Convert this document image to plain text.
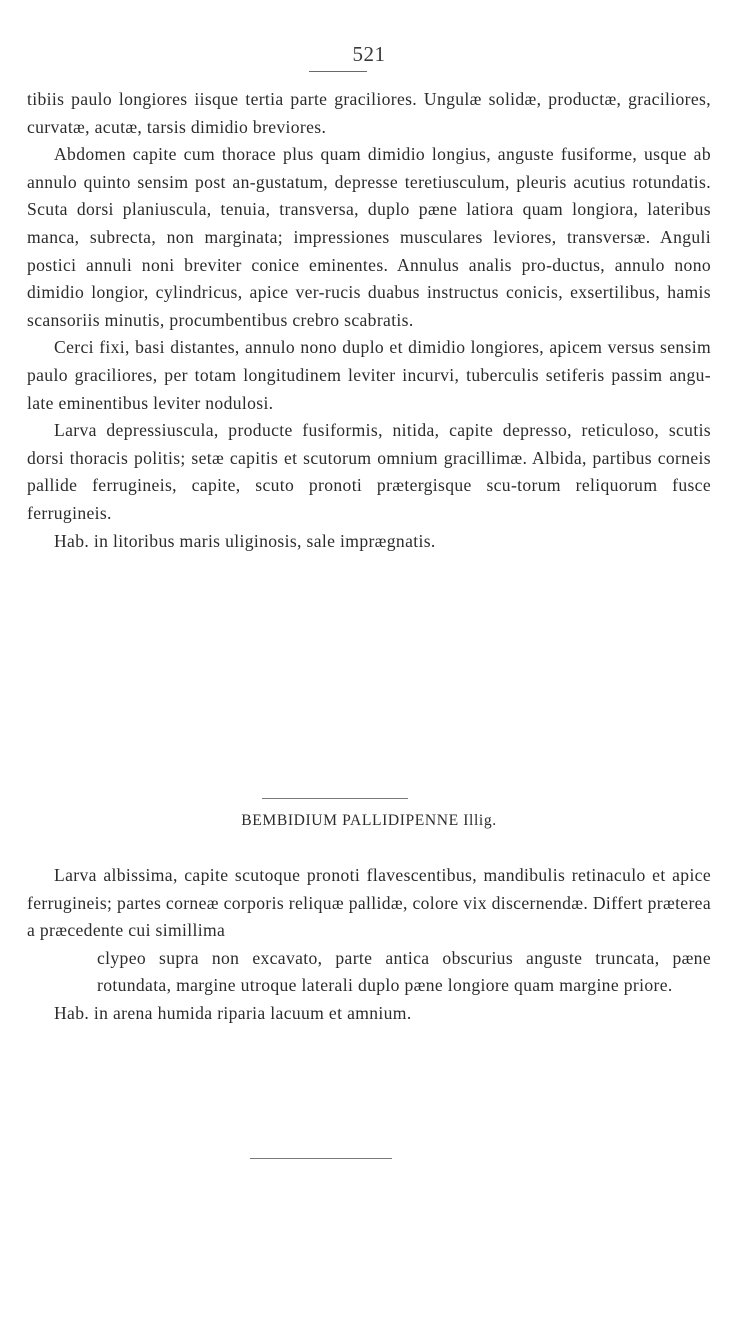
521

tibiis paulo longiores iisque tertia parte graciliores. Ungulæ solidæ, productæ, graciliores, curvatæ, acutæ, tarsis dimidio breviores.

Abdomen capite cum thorace plus quam dimidio longius, anguste fusiforme, usque ab annulo quinto sensim post an-gustatum, depresse teretiusculum, pleuris acutius rotundatis. Scuta dorsi planiuscula, tenuia, transversa, duplo pæne latiora quam longiora, lateribus manca, subrecta, non marginata; impressiones musculares leviores, transversæ. Anguli postici annuli noni breviter conice eminentes. Annulus analis pro-ductus, annulo nono dimidio longior, cylindricus, apice ver-rucis duabus instructus conicis, exsertilibus, hamis scansoriis minutis, procumbentibus crebro scabratis.

Cerci fixi, basi distantes, annulo nono duplo et dimidio longiores, apicem versus sensim paulo graciliores, per totam longitudinem leviter incurvi, tuberculis setiferis passim angu-late eminentibus leviter nodulosi.

Larva depressiuscula, producte fusiformis, nitida, capite depresso, reticuloso, scutis dorsi thoracis politis; setæ capitis et scutorum omnium gracillimæ. Albida, partibus corneis pallide ferrugineis, capite, scuto pronoti prætergisque scu-torum reliquorum fusce ferrugineis.

Hab. in litoribus maris uliginosis, sale imprægnatis.

BEMBIDIUM PALLIDIPENNE Illig.

Larva albissima, capite scutoque pronoti flavescentibus, mandibulis retinaculo et apice ferrugineis; partes corneæ corporis reliquæ pallidæ, colore vix discernendæ. Differt præterea a præcedente cui simillima

clypeo supra non excavato, parte antica obscurius anguste truncata, pæne rotundata, margine utroque laterali duplo pæne longiore quam margine priore.

Hab. in arena humida riparia lacuum et amnium.
